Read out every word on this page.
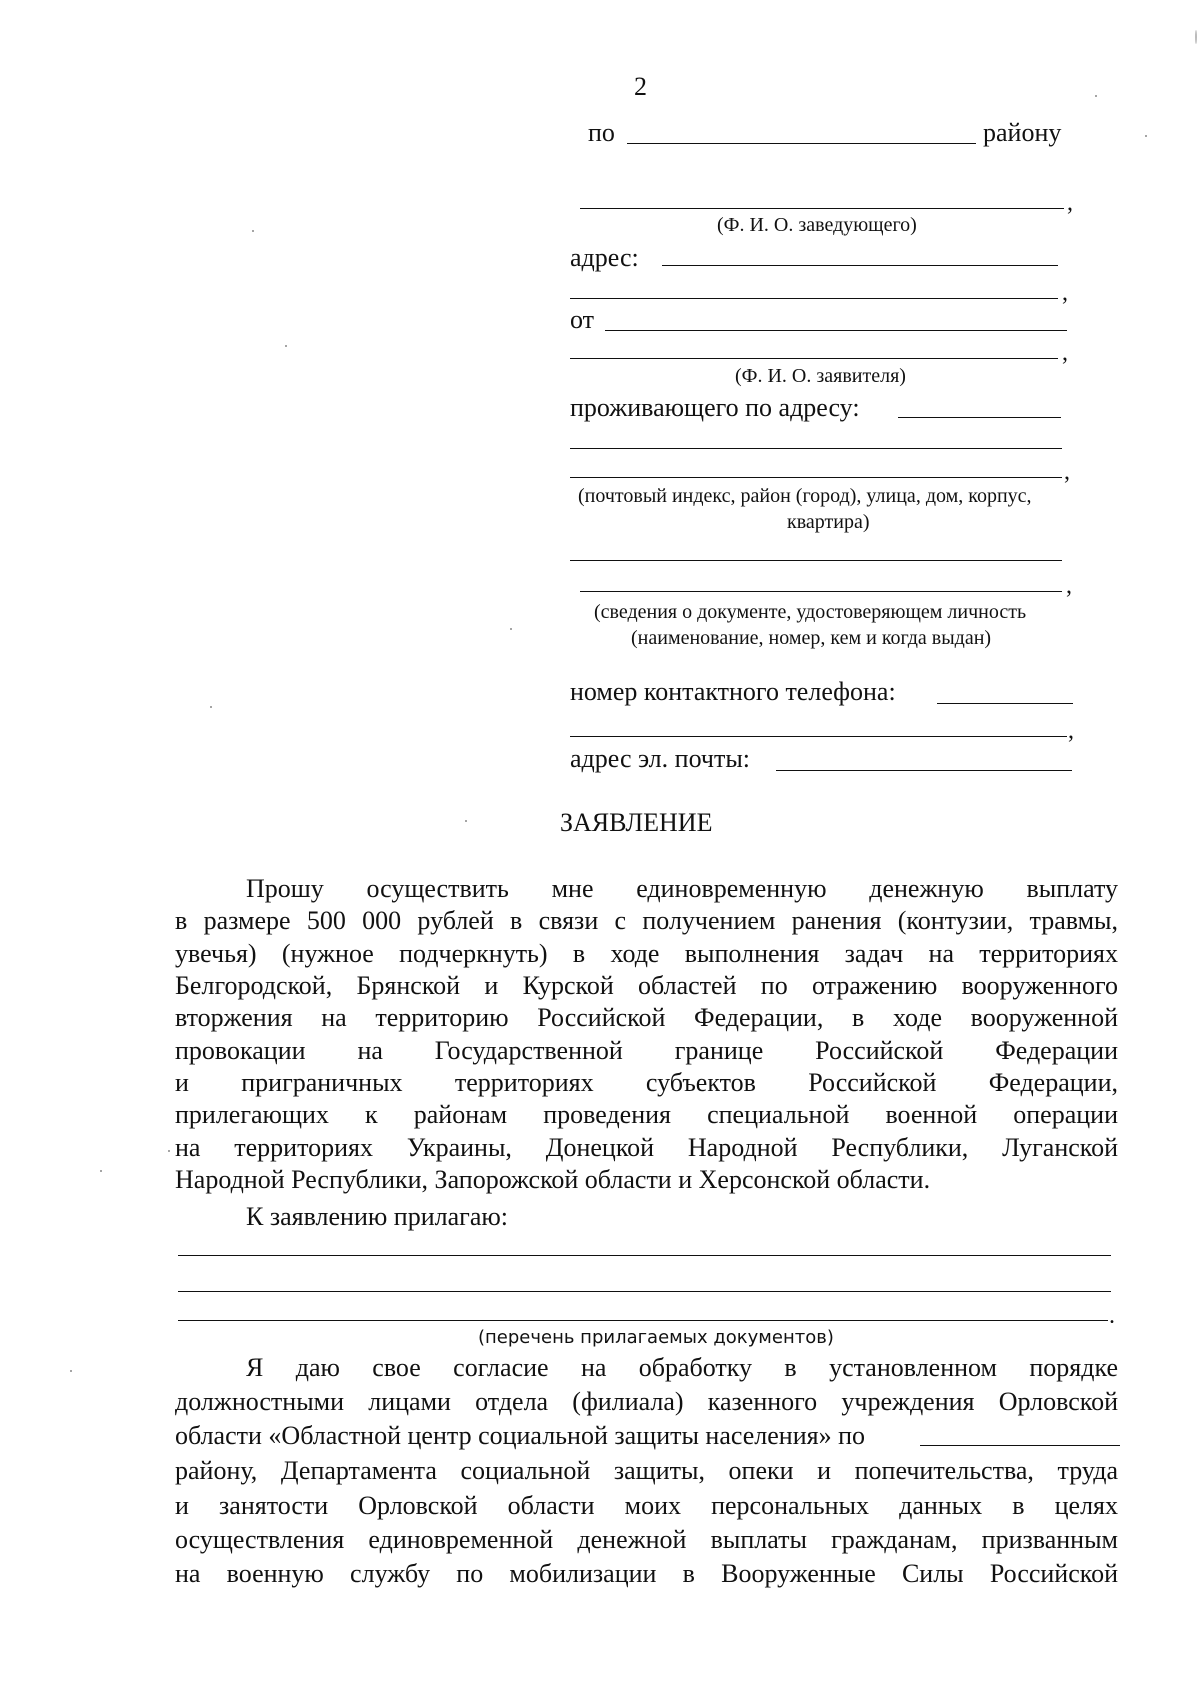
2
по	району
,
(Ф. И. О. заведующего)
адрес:
,
от
,
(Ф. И. О. заявителя)
проживающего по адресу:
,
(почтовый индекс, район (город), улица, дом, корпус,
квартира)
,
(сведения о документе, удостоверяющем личность
(наименование, номер, кем и когда выдан)
номер контактного телефона:
,
адрес эл. почты:
ЗАЯВЛЕНИЕ
Прошу осуществить мне единовременную денежную выплату
в размере 500 000 рублей в связи с получением ранения (контузии, травмы,
увечья) (нужное подчеркнуть) в ходе выполнения задач на территориях
Белгородской, Брянской и Курской областей по отражению вооруженного
вторжения на территорию Российской Федерации, в ходе вооруженной
провокации на Государственной границе Российской Федерации
и приграничных территориях субъектов Российской Федерации,
прилегающих к районам проведения специальной военной операции
на территориях Украины, Донецкой Народной Республики, Луганской
Народной Республики, Запорожской области и Херсонской области.
К заявлению прилагаю:
.
(перечень прилагаемых документов)
Я даю свое согласие на обработку в установленном порядке
должностными лицами отдела (филиала) казенного учреждения Орловской
области «Областной центр социальной защиты населения» по
району, Департамента социальной защиты, опеки и попечительства, труда
и занятости Орловской области моих персональных данных в целях
осуществления единовременной денежной выплаты гражданам, призванным
на военную службу по мобилизации в Вооруженные Силы Российской
